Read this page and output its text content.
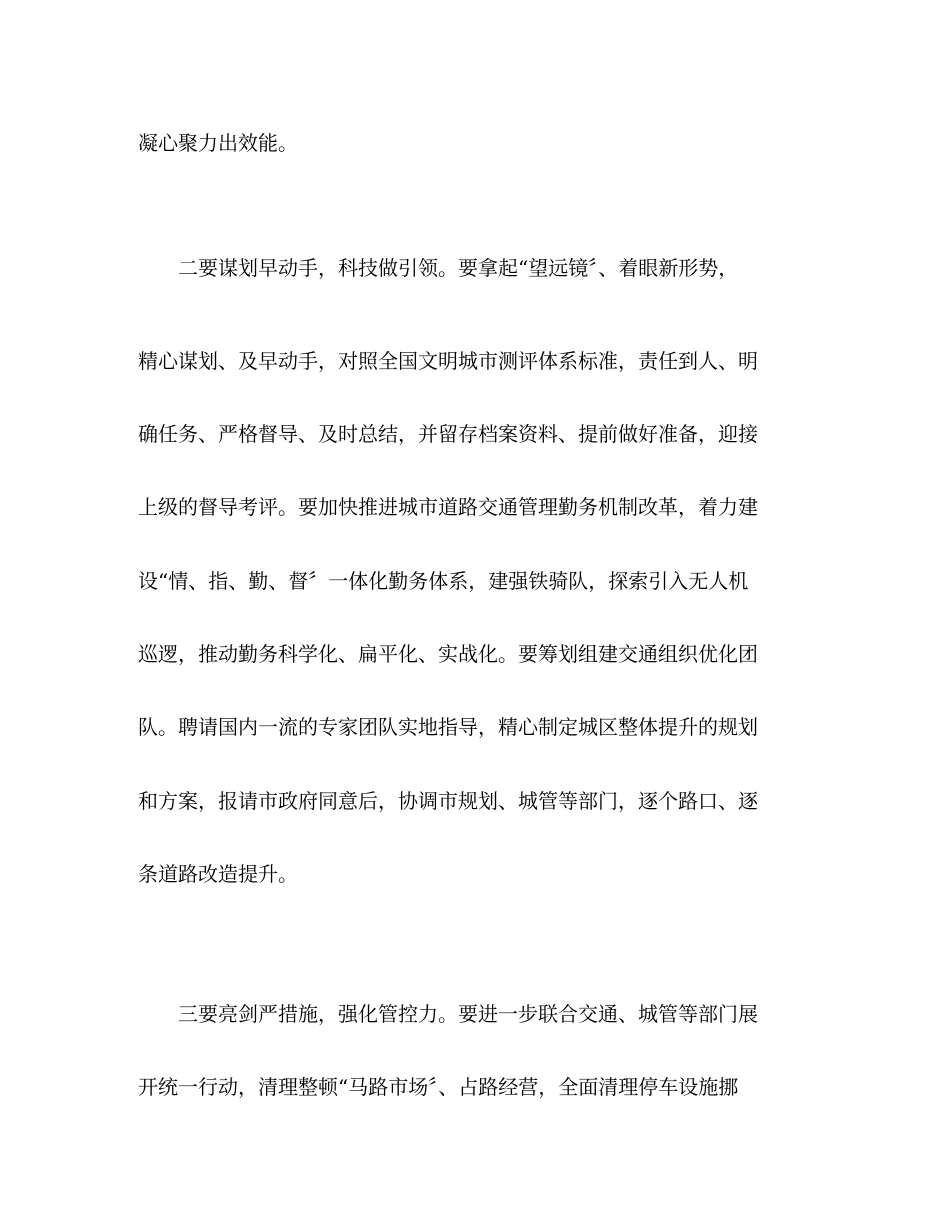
凝心聚力出效能。
　　二要谋划早动手，科技做引领。要拿起“望远镜〞、着眼新形势，
精心谋划、及早动手，对照全国文明城市测评体系标准，责任到人、明
确任务、严格督导、及时总结，并留存档案资料、提前做好准备，迎接
上级的督导考评。要加快推进城市道路交通管理勤务机制改革，着力建
设“情、指、勤、督〞一体化勤务体系，建强铁骑队，探索引入无人机
巡逻，推动勤务科学化、扁平化、实战化。要筹划组建交通组织优化团
队。聘请国内一流的专家团队实地指导，精心制定城区整体提升的规划
和方案，报请市政府同意后，协调市规划、城管等部门，逐个路口、逐
条道路改造提升。
　　三要亮剑严措施，强化管控力。要进一步联合交通、城管等部门展
开统一行动，清理整顿“马路市场〞、占路经营，全面清理停车设施挪
